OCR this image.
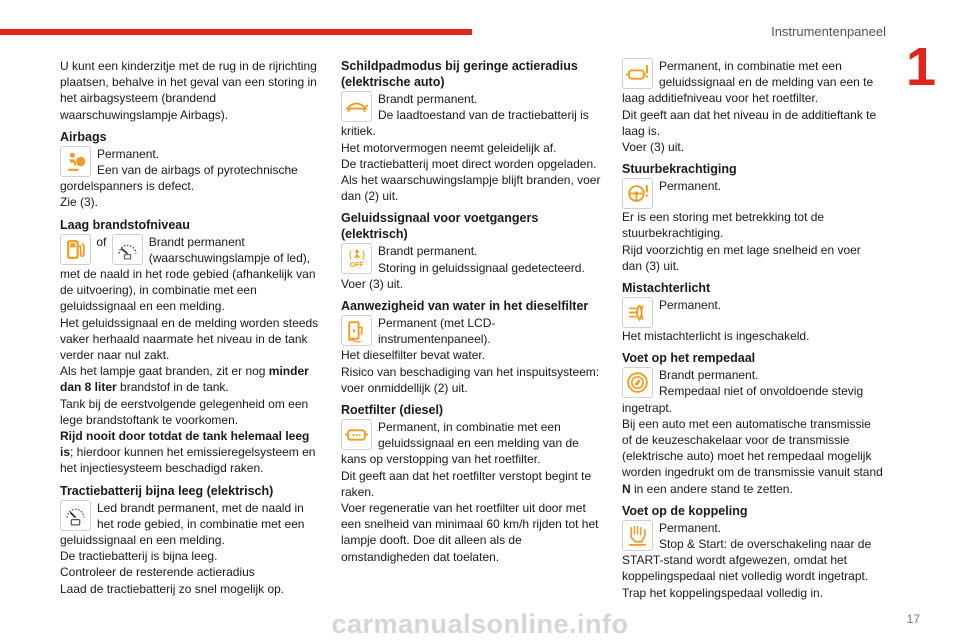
Instrumentenpaneel
1

U kunt een kinderzitje met de rug in de rijrichting plaatsen, behalve in het geval van een storing in het airbagsysteem (brandend waarschuwingslampje Airbags).

Airbags

Permanent.

Een van de airbags of pyrotechnische gordelspanners is defect.

Zie (3).

Laag brandstofniveau
of	Brandt permanent (waarschuwingslampje of led), met de naald in het rode gebied (afhankelijk van de uitvoering), in combinatie met een geluidssignaal en een melding.

Het geluidssignaal en de melding worden steeds vaker herhaald naarmate het niveau in de tank verder naar nul zakt.

Als het lampje gaat branden, zit er nog minder dan 8 liter brandstof in de tank.

Tank bij de eerstvolgende gelegenheid om een lege brandstoftank te voorkomen.

Rijd nooit door totdat de tank helemaal leeg is; hierdoor kunnen het emissieregelsysteem en het injectiesysteem beschadigd raken.

Tractiebatterij bijna leeg (elektrisch)

Led brandt permanent, met de naald in het rode gebied, in combinatie met een geluidssignaal en een melding.

De tractiebatterij is bijna leeg.

Controleer de resterende actieradius

Laad de tractiebatterij zo snel mogelijk op.

Schildpadmodus bij geringe actieradius (elektrische auto)

Brandt permanent.

De laadtoestand van de tractiebatterij is kritiek.

Het motorvermogen neemt geleidelijk af.

De tractiebatterij moet direct worden opgeladen.

Als het waarschuwingslampje blijft branden, voer dan (2) uit.

Geluidssignaal voor voetgangers (elektrisch)
OFF

Brandt permanent.

Storing in geluidssignaal gedetecteerd.

Voer (3) uit.

Aanwezigheid van water in het dieselfilter

Permanent (met LCD-instrumentenpaneel).

Het dieselfilter bevat water.

Risico van beschadiging van het inspuitsysteem: voer onmiddellijk (2) uit.

Roetfilter (diesel)

Permanent, in combinatie met een geluidssignaal en een melding van de kans op verstopping van het roetfilter.

Dit geeft aan dat het roetfilter verstopt begint te raken.

Voer regeneratie van het roetfilter uit door met een snelheid van minimaal 60 km/h rijden tot het lampje dooft. Doe dit alleen als de omstandigheden dat toelaten.

Permanent, in combinatie met een geluidssignaal en de melding van een te laag additiefniveau voor het roetfilter.

Dit geeft aan dat het niveau in de additieftank te laag is.

Voer (3) uit.

Stuurbekrachtiging

Permanent.

Er is een storing met betrekking tot de stuurbekrachtiging.

Rijd voorzichtig en met lage snelheid en voer dan (3) uit.

Mistachterlicht

Permanent.

Het mistachterlicht is ingeschakeld.

Voet op het rempedaal

Brandt permanent.

Rempedaal niet of onvoldoende stevig ingetrapt.

Bij een auto met een automatische transmissie of de keuzeschakelaar voor de transmissie (elektrische auto) moet het rempedaal mogelijk worden ingedrukt om de transmissie vanuit stand N in een andere stand te zetten.

Voet op de koppeling

Permanent.

Stop & Start: de overschakeling naar de START-stand wordt afgewezen, omdat het koppelingspedaal niet volledig wordt ingetrapt.

Trap het koppelingspedaal volledig in.

carmanualsonline.info	17
